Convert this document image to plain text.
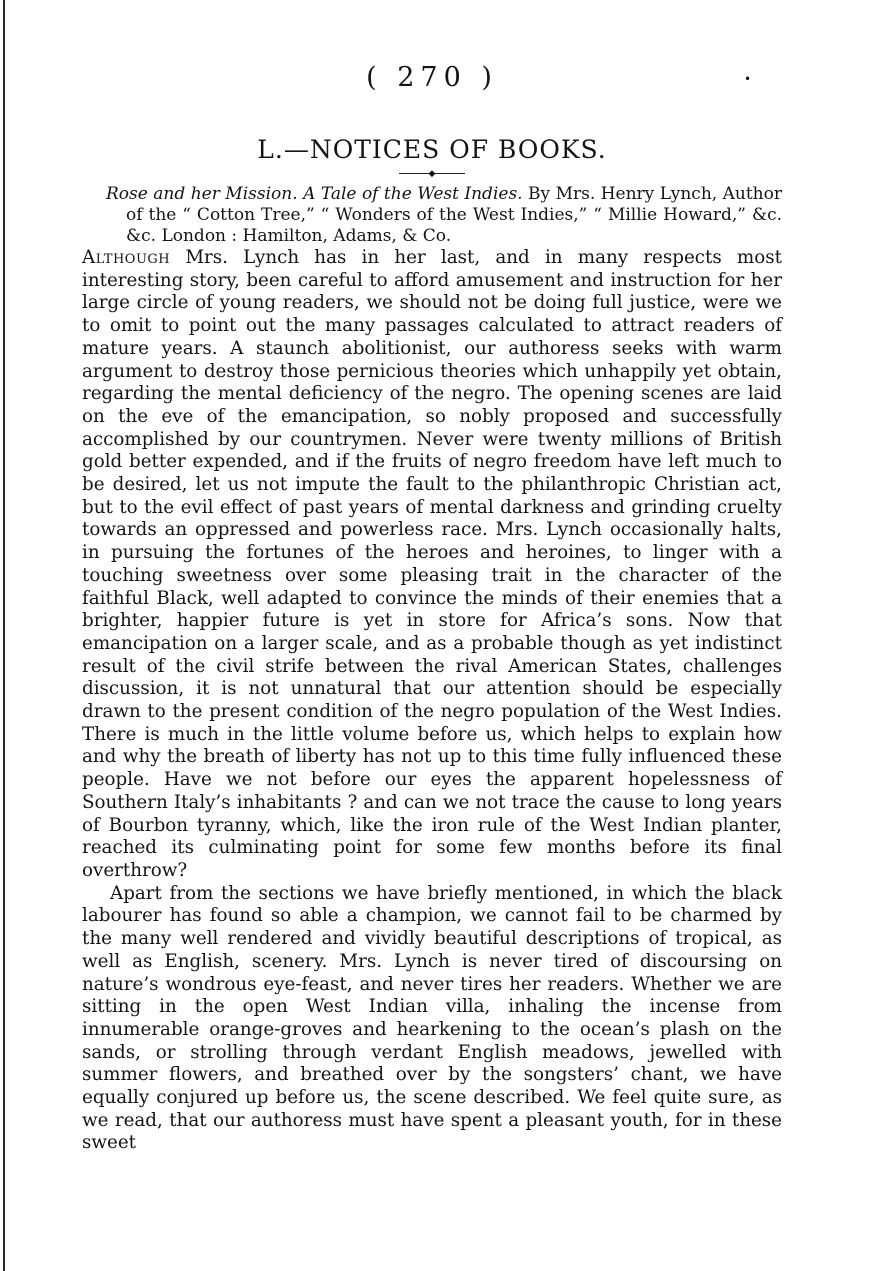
( 270 )	•
L.—NOTICES OF BOOKS.
◆
Rose and her Mission. A Tale of the West Indies. By Mrs. Henry Lynch, Author of the “ Cotton Tree,” “ Wonders of the West Indies,” “ Millie Howard,” &c. &c. London : Hamilton, Adams, & Co.

Although Mrs. Lynch has in her last, and in many respects most interesting story, been careful to afford amusement and instruction for her large circle of young readers, we should not be doing full justice, were we to omit to point out the many passages calculated to attract readers of mature years. A staunch abolitionist, our authoress seeks with warm argument to destroy those pernicious theories which unhappily yet obtain, regarding the mental deficiency of the negro. The opening scenes are laid on the eve of the emancipation, so nobly proposed and successfully accomplished by our countrymen. Never were twenty millions of British gold better expended, and if the fruits of negro freedom have left much to be desired, let us not impute the fault to the philanthropic Christian act, but to the evil effect of past years of mental darkness and grinding cruelty towards an oppressed and powerless race. Mrs. Lynch occasionally halts, in pursuing the fortunes of the heroes and heroines, to linger with a touching sweetness over some pleasing trait in the character of the faithful Black, well adapted to convince the minds of their enemies that a brighter, happier future is yet in store for Africa’s sons. Now that emancipation on a larger scale, and as a probable though as yet indistinct result of the civil strife between the rival American States, challenges discussion, it is not unnatural that our attention should be especially drawn to the present condition of the negro population of the West Indies. There is much in the little volume before us, which helps to explain how and why the breath of liberty has not up to this time fully influenced these people. Have we not before our eyes the apparent hopelessness of Southern Italy’s inhabitants ? and can we not trace the cause to long years of Bourbon tyranny, which, like the iron rule of the West Indian planter, reached its culminating point for some few months before its final overthrow?

Apart from the sections we have briefly mentioned, in which the black labourer has found so able a champion, we cannot fail to be charmed by the many well rendered and vividly beautiful descriptions of tropical, as well as English, scenery. Mrs. Lynch is never tired of discoursing on nature’s wondrous eye-feast, and never tires her readers. Whether we are sitting in the open West Indian villa, inhaling the incense from innumerable orange-groves and hearkening to the ocean’s plash on the sands, or strolling through verdant English meadows, jewelled with summer flowers, and breathed over by the songsters’ chant, we have equally conjured up before us, the scene described. We feel quite sure, as we read, that our authoress must have spent a pleasant youth, for in these sweet
